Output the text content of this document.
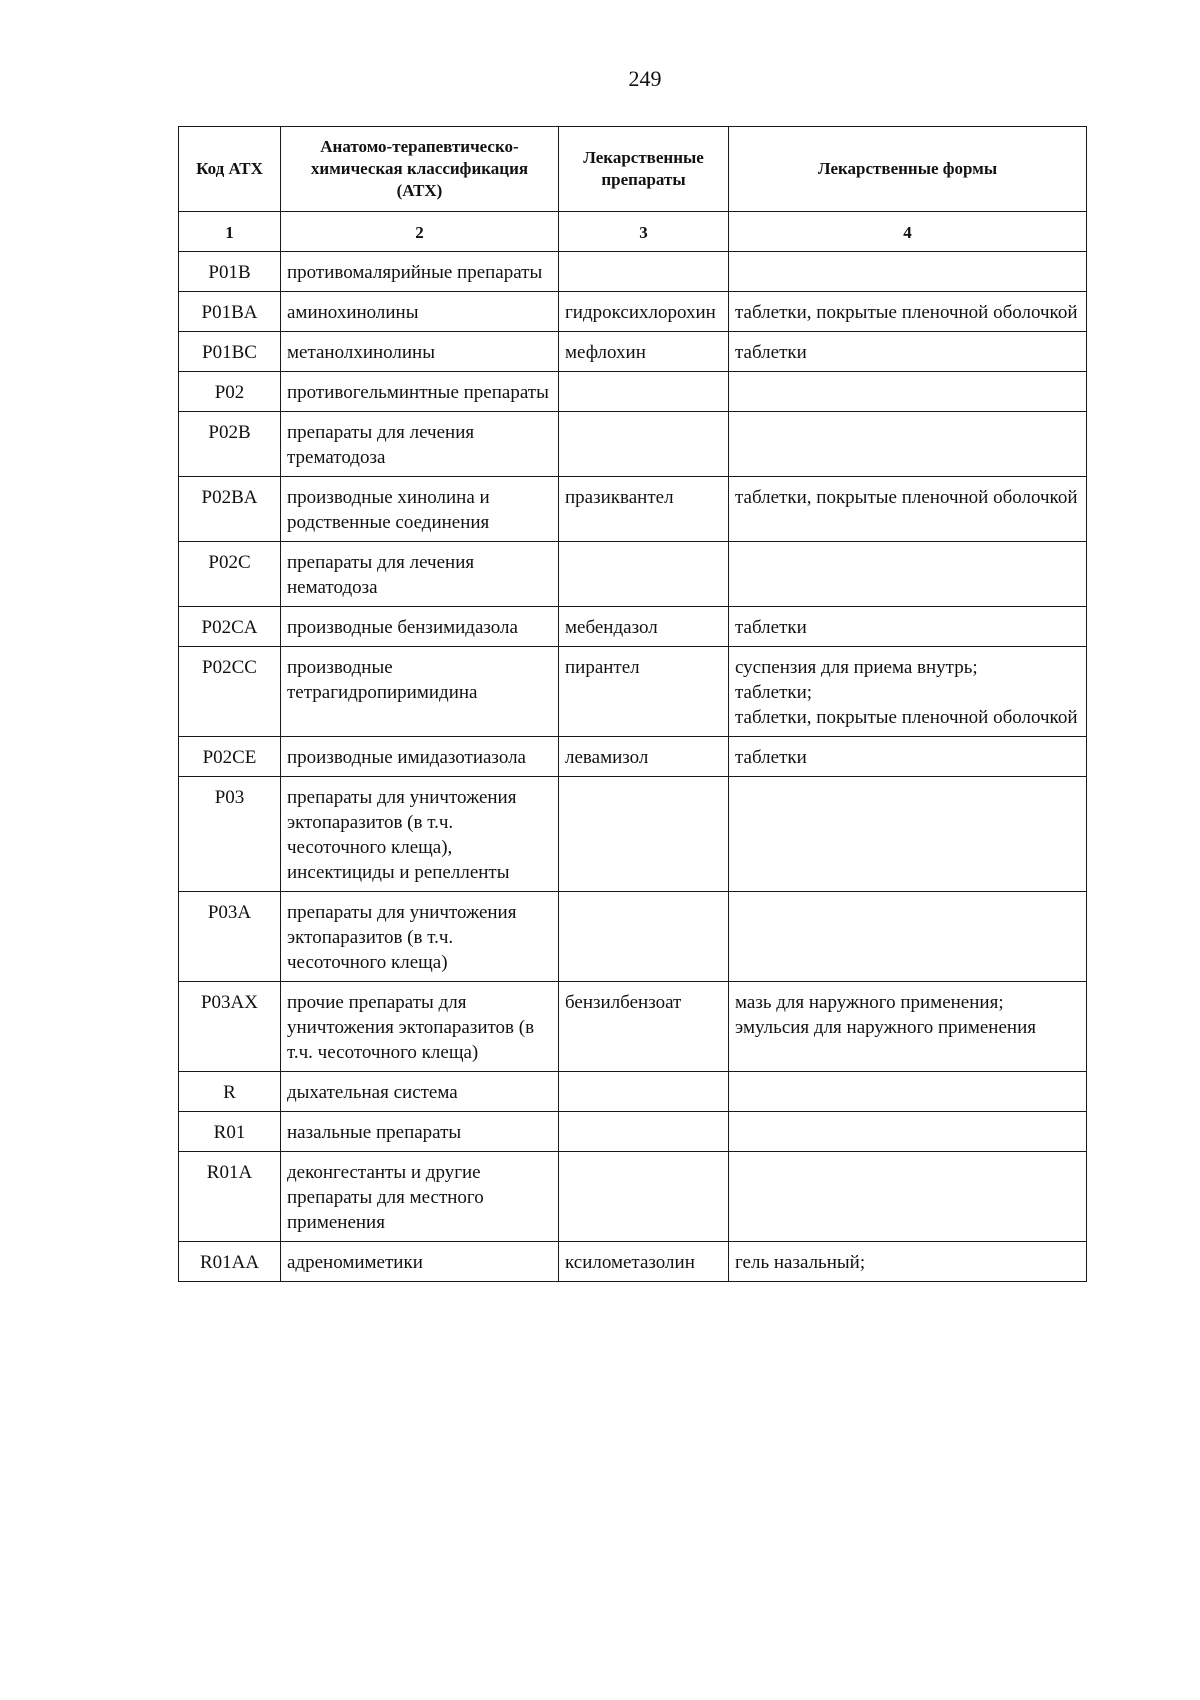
249
Код АТХ	Анатомо-терапевтическо-химическая классификация (АТХ)	Лекарственные препараты	Лекарственные формы
1	2	3	4
P01B	противомалярийные препараты		
P01BA	аминохинолины	гидроксихлорохин	таблетки, покрытые пленочной оболочкой
P01BC	метанолхинолины	мефлохин	таблетки
P02	противогельминтные препараты		
P02B	препараты для лечения трематодоза		
P02BA	производные хинолина и родственные соединения	празиквантел	таблетки, покрытые пленочной оболочкой
P02C	препараты для лечения нематодоза		
P02CA	производные бензимидазола	мебендазол	таблетки
P02CC	производные тетрагидропиримидина	пирантел	суспензия для приема внутрь;
таблетки;
таблетки, покрытые пленочной оболочкой

P02CE	производные имидазотиазола	левамизол	таблетки
P03	препараты для уничтожения эктопаразитов (в т.ч. чесоточного клеща), инсектициды и репелленты		
P03A	препараты для уничтожения эктопаразитов (в т.ч. чесоточного клеща)		
P03AX	прочие препараты для уничтожения эктопаразитов (в т.ч. чесоточного клеща)	бензилбензоат	мазь для наружного применения;
эмульсия для наружного применения

R	дыхательная система		
R01	назальные препараты		
R01A	деконгестанты и другие препараты для местного применения		
R01AA	адреномиметики	ксилометазолин	гель назальный;
